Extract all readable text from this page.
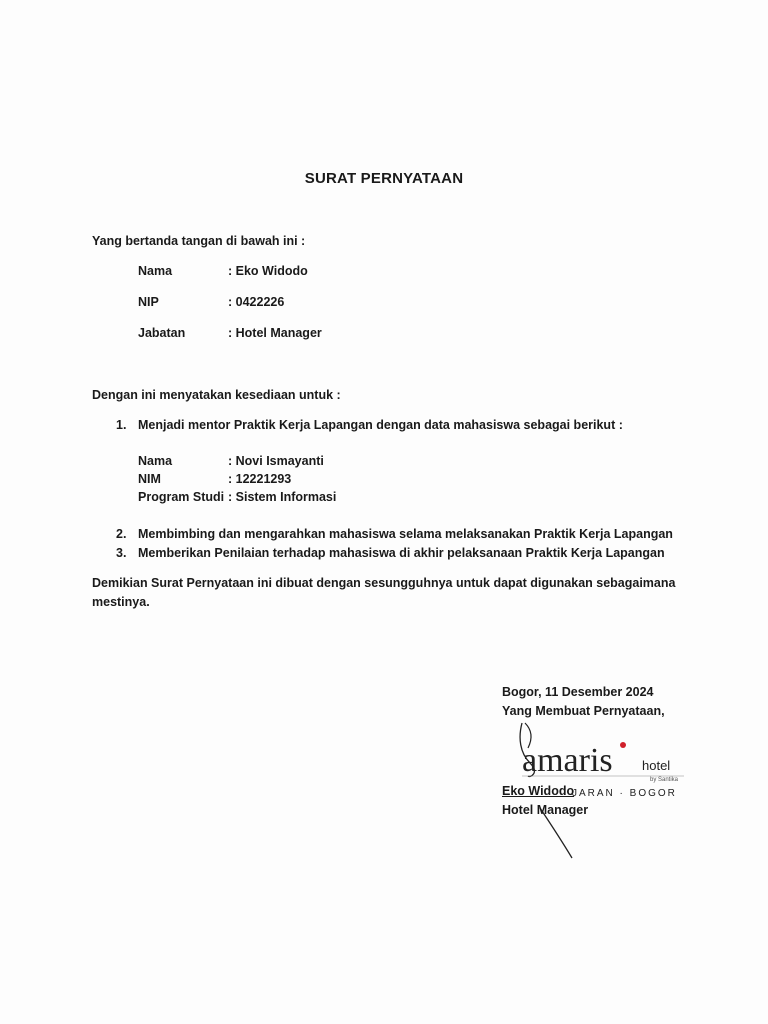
SURAT PERNYATAAN
Yang bertanda tangan di bawah ini :
Nama	: Eko Widodo
NIP	: 0422226
Jabatan	: Hotel Manager
Dengan ini menyatakan kesediaan untuk :
1. Menjadi mentor Praktik Kerja Lapangan dengan data mahasiswa sebagai berikut :
Nama	: Novi Ismayanti
NIM	: 12221293
Program Studi : Sistem Informasi
2. Membimbing dan mengarahkan mahasiswa selama melaksanakan Praktik Kerja Lapangan
3. Memberikan Penilaian terhadap mahasiswa di akhir pelaksanaan Praktik Kerja Lapangan
Demikian Surat Pernyataan ini dibuat dengan sesungguhnya untuk dapat digunakan sebagaimana
mestinya.
Bogor, 11 Desember 2024
Yang Membuat Pernyataan,
amaris hotel
by Santika
JARAN · BOGOR
Eko Widodo
Hotel Manager
